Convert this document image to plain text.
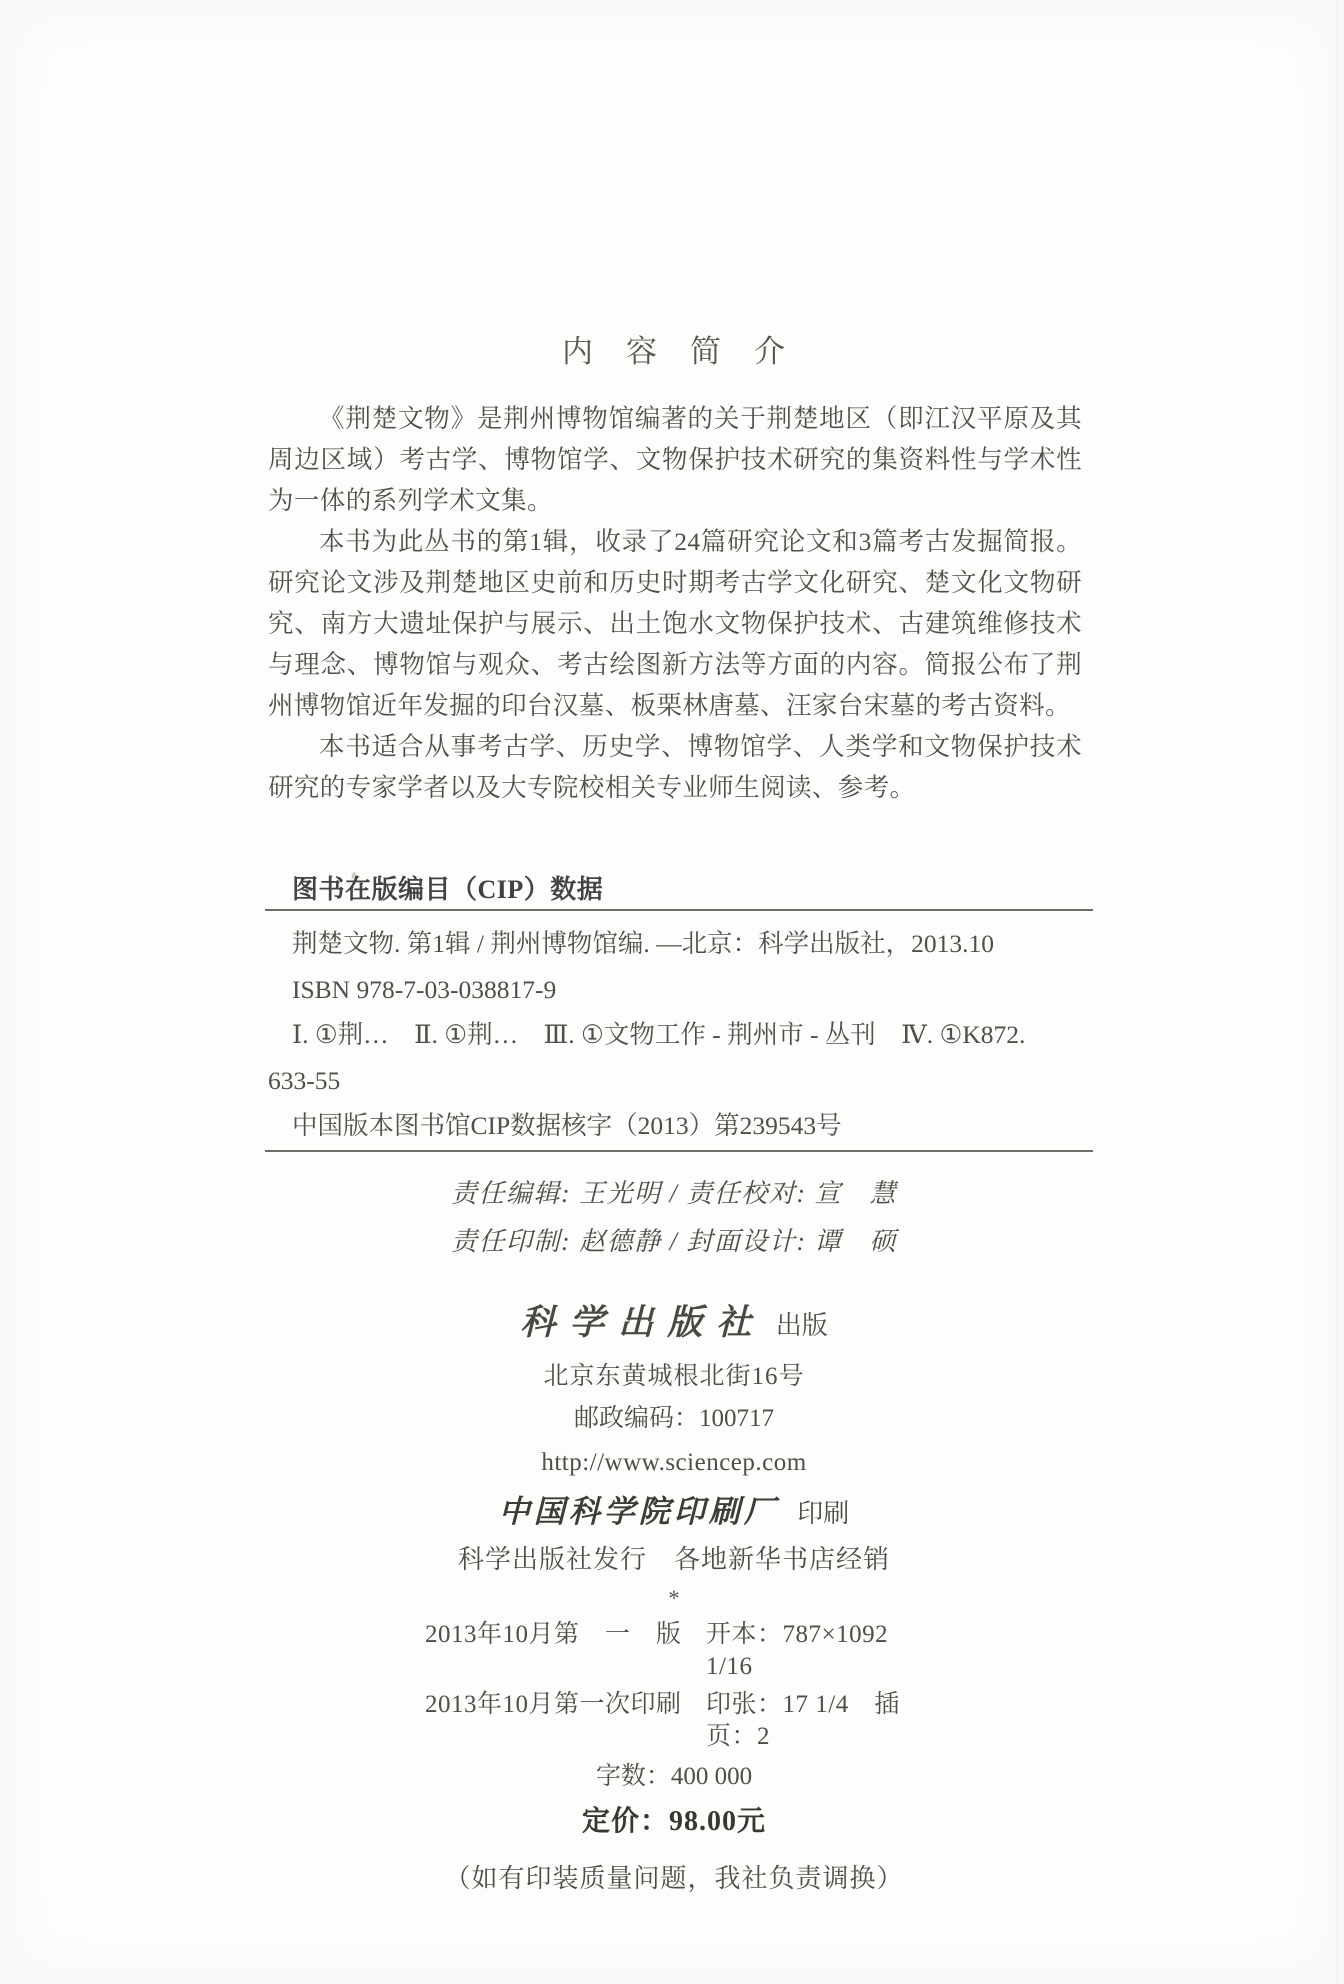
内　容　简　介

《荆楚文物》是荆州博物馆编著的关于荆楚地区（即江汉平原及其周边区域）考古学、博物馆学、文物保护技术研究的集资料性与学术性为一体的系列学术文集。

本书为此丛书的第1辑，收录了24篇研究论文和3篇考古发掘简报。研究论文涉及荆楚地区史前和历史时期考古学文化研究、楚文化文物研究、南方大遗址保护与展示、出土饱水文物保护技术、古建筑维修技术与理念、博物馆与观众、考古绘图新方法等方面的内容。简报公布了荆州博物馆近年发掘的印台汉墓、板栗林唐墓、汪家台宋墓的考古资料。

本书适合从事考古学、历史学、博物馆学、人类学和文物保护技术研究的专家学者以及大专院校相关专业师生阅读、参考。

图书在版编目（CIP）数据

荆楚文物. 第1辑 / 荆州博物馆编. —北京：科学出版社，2013.10

ISBN 978-7-03-038817-9

Ⅰ. ①荆…　Ⅱ. ①荆…　Ⅲ. ①文物工作 - 荆州市 - 丛刊　Ⅳ. ①K872.

633-55

中国版本图书馆CIP数据核字（2013）第239543号

责任编辑: 王光明 / 责任校对: 宣　慧

责任印制: 赵德静 / 封面设计: 谭　硕

科学出版社 出版

北京东黄城根北街16号

邮政编码：100717

http://www.sciencep.com

中国科学院印刷厂 印刷

科学出版社发行　各地新华书店经销

*

2013年10月第　一　版 开本：787×1092　1/16
2013年10月第一次印刷 印张：17 1/4　插页：2

字数：400 000

定价：98.00元

（如有印装质量问题，我社负责调换）
